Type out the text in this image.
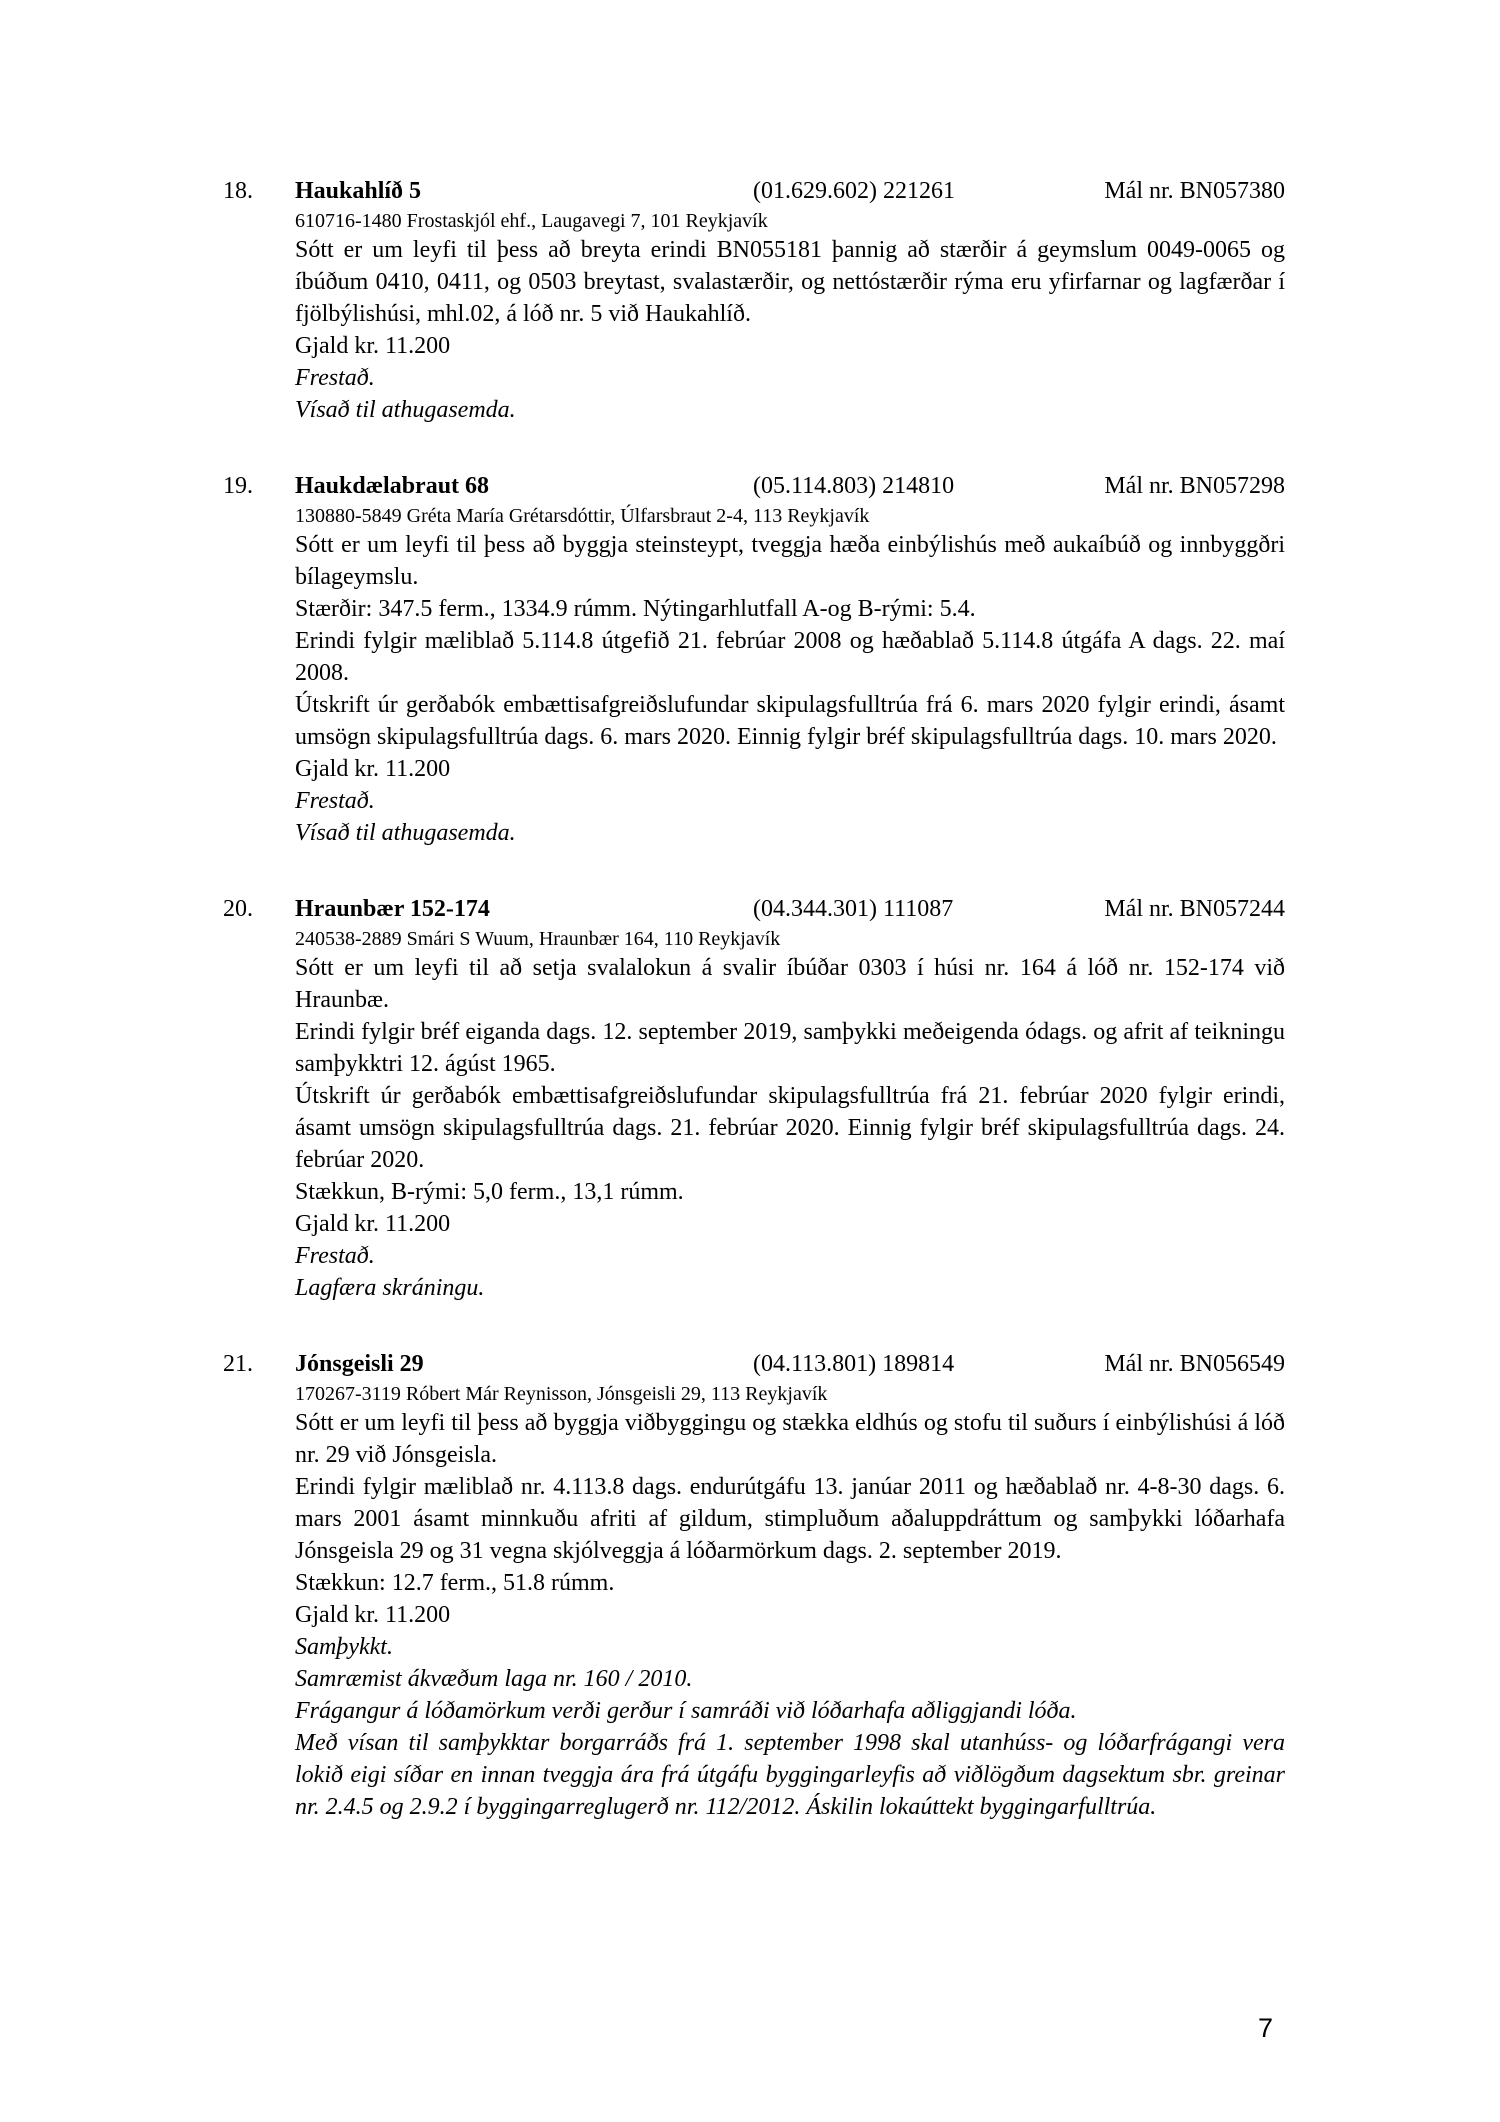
18. Haukahlíð 5	(01.629.602) 221261	Mál nr. BN057380
610716-1480 Frostaskjól ehf., Laugavegi 7, 101 Reykjavík

Sótt er um leyfi til þess að breyta erindi BN055181 þannig að stærðir á geymslum 0049-0065 og íbúðum 0410, 0411, og 0503 breytast, svalastærðir, og nettóstærðir rýma eru yfirfarnar og lagfærðar í fjölbýlishúsi, mhl.02, á lóð nr. 5 við Haukahlíð.

Gjald kr. 11.200

Frestað.

Vísað til athugasemda.

19. Haukdælabraut 68	(05.114.803) 214810	Mál nr. BN057298
130880-5849 Gréta María Grétarsdóttir, Úlfarsbraut 2-4, 113 Reykjavík

Sótt er um leyfi til þess að byggja steinsteypt, tveggja hæða einbýlishús með aukaíbúð og innbyggðri bílageymslu.

Stærðir: 347.5 ferm., 1334.9 rúmm. Nýtingarhlutfall A-og B-rými: 5.4.

Erindi fylgir mæliblað 5.114.8 útgefið 21. febrúar 2008 og hæðablað 5.114.8 útgáfa A dags. 22. maí 2008.

Útskrift úr gerðabók embættisafgreiðslufundar skipulagsfulltrúa frá 6. mars 2020 fylgir erindi, ásamt umsögn skipulagsfulltrúa dags. 6. mars 2020. Einnig fylgir bréf skipulagsfulltrúa dags. 10. mars 2020.

Gjald kr. 11.200

Frestað.

Vísað til athugasemda.

20. Hraunbær 152-174	(04.344.301) 111087	Mál nr. BN057244
240538-2889 Smári S Wuum, Hraunbær 164, 110 Reykjavík

Sótt er um leyfi til að setja svalalokun á svalir íbúðar 0303 í húsi nr. 164 á lóð nr. 152-174 við Hraunbæ.

Erindi fylgir bréf eiganda dags. 12. september 2019, samþykki meðeigenda ódags. og afrit af teikningu samþykktri 12. ágúst 1965.

Útskrift úr gerðabók embættisafgreiðslufundar skipulagsfulltrúa frá 21. febrúar 2020 fylgir erindi, ásamt umsögn skipulagsfulltrúa dags. 21. febrúar 2020. Einnig fylgir bréf skipulagsfulltrúa dags. 24. febrúar 2020.

Stækkun, B-rými: 5,0 ferm., 13,1 rúmm.

Gjald kr. 11.200

Frestað.

Lagfæra skráningu.

21. Jónsgeisli 29	(04.113.801) 189814	Mál nr. BN056549
170267-3119 Róbert Már Reynisson, Jónsgeisli 29, 113 Reykjavík

Sótt er um leyfi til þess að byggja viðbyggingu og stækka eldhús og stofu til suðurs í einbýlishúsi á lóð nr. 29 við Jónsgeisla.

Erindi fylgir mæliblað nr. 4.113.8 dags. endurútgáfu 13. janúar 2011 og hæðablað nr. 4-8-30 dags. 6. mars 2001 ásamt minnkuðu afriti af gildum, stimpluðum aðaluppdráttum og samþykki lóðarhafa Jónsgeisla 29 og 31 vegna skjólveggja á lóðarmörkum dags. 2. september 2019.

Stækkun: 12.7 ferm., 51.8 rúmm.

Gjald kr. 11.200

Samþykkt.

Samræmist ákvæðum laga nr. 160 / 2010.

Frágangur á lóðamörkum verði gerður í samráði við lóðarhafa aðliggjandi lóða.

Með vísan til samþykktar borgarráðs frá 1. september 1998 skal utanhúss- og lóðarfrágangi vera lokið eigi síðar en innan tveggja ára frá útgáfu byggingarleyfis að viðlögðum dagsektum sbr. greinar nr. 2.4.5 og 2.9.2 í byggingarreglugerð nr. 112/2012. Áskilin lokaúttekt byggingarfulltrúa.

7
